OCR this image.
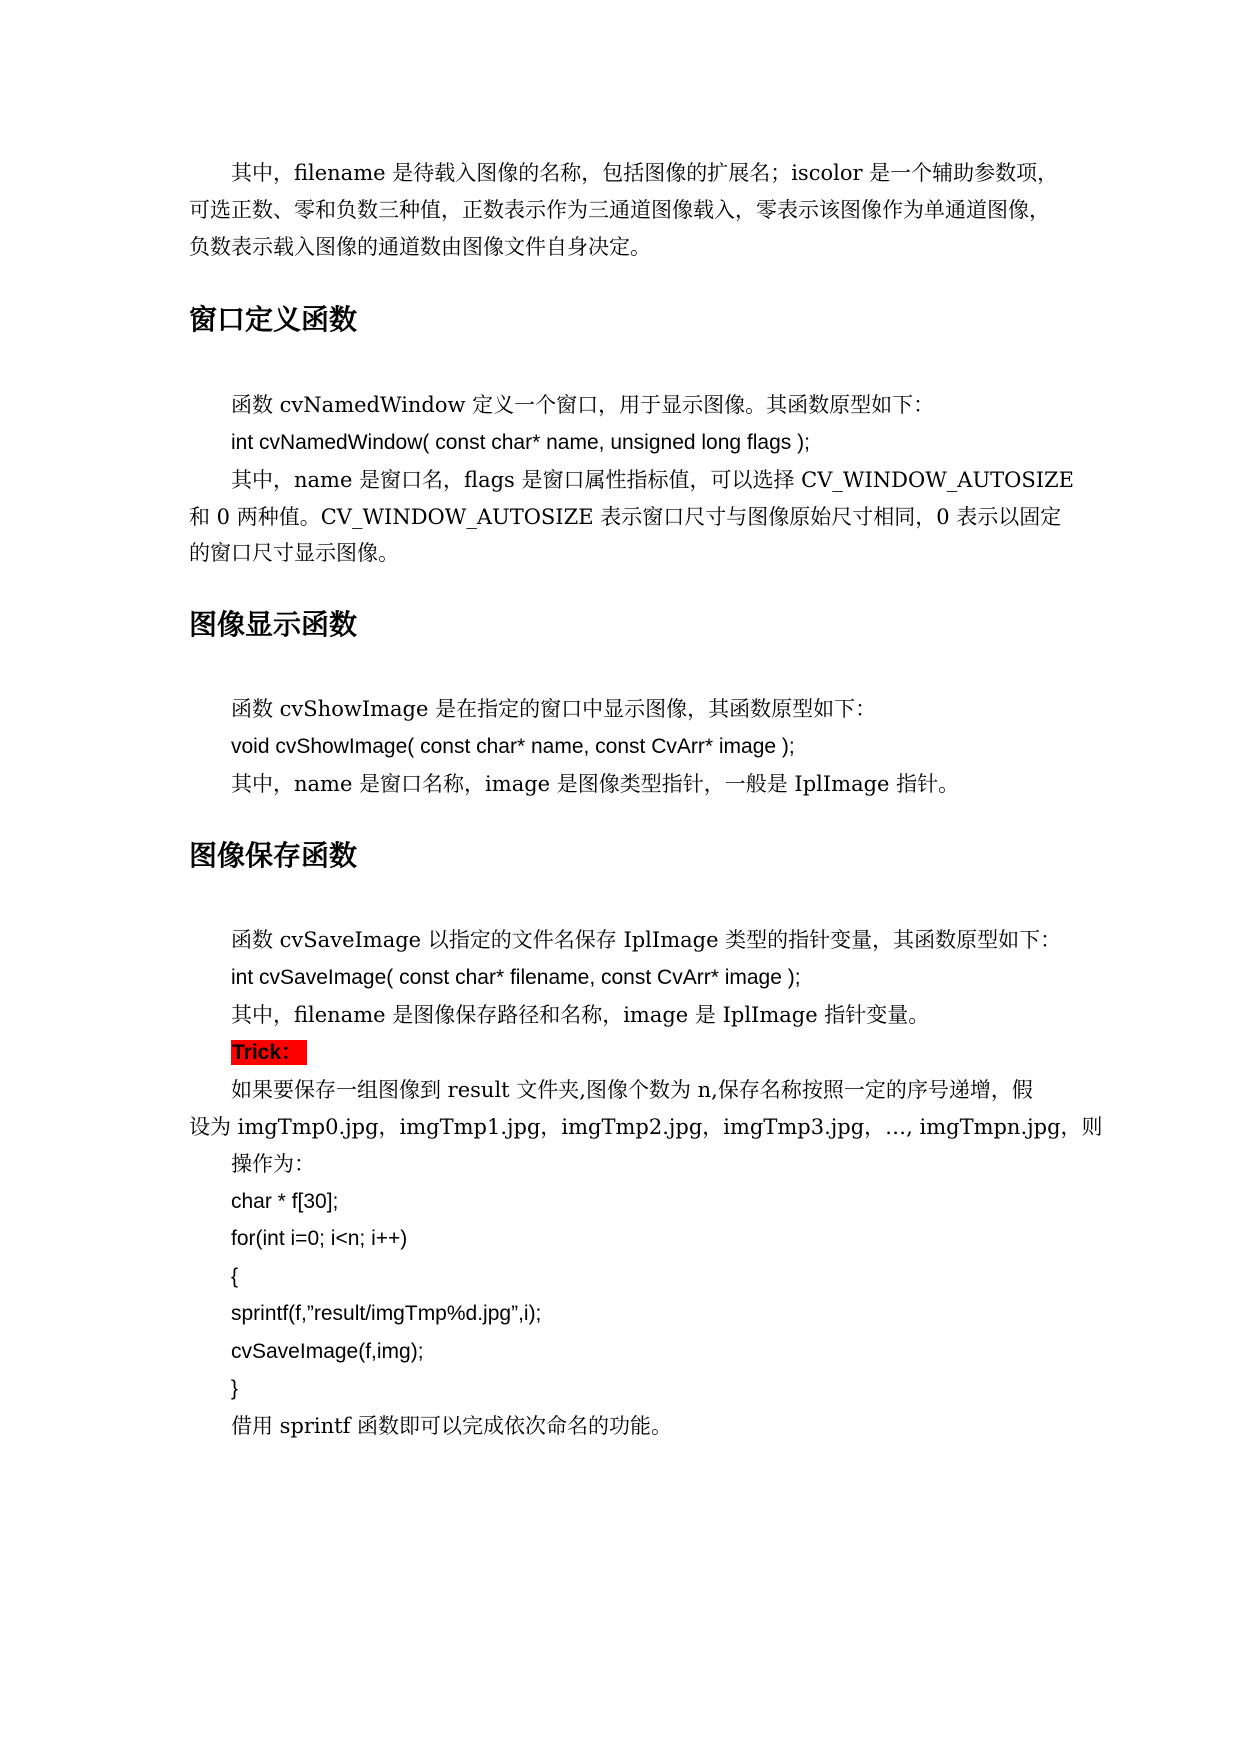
其中，filename 是待载入图像的名称，包括图像的扩展名；iscolor 是一个辅助参数项，
可选正数、零和负数三种值，正数表示作为三通道图像载入，零表示该图像作为单通道图像，
负数表示载入图像的通道数由图像文件自身决定。
窗口定义函数
函数 cvNamedWindow 定义一个窗口，用于显示图像。其函数原型如下：
int cvNamedWindow( const char* name, unsigned long flags );
其中，name 是窗口名，flags 是窗口属性指标值，可以选择 CV_WINDOW_AUTOSIZE
和 0 两种值。CV_WINDOW_AUTOSIZE 表示窗口尺寸与图像原始尺寸相同，0 表示以固定
的窗口尺寸显示图像。
图像显示函数
函数 cvShowImage 是在指定的窗口中显示图像，其函数原型如下：
void cvShowImage( const char* name, const CvArr* image );
其中，name 是窗口名称，image 是图像类型指针，一般是 IplImage 指针。
图像保存函数
函数 cvSaveImage 以指定的文件名保存 IplImage 类型的指针变量，其函数原型如下：
int cvSaveImage( const char* filename, const CvArr* image );
其中，filename 是图像保存路径和名称，image 是 IplImage 指针变量。
Trick：
如果要保存一组图像到 result 文件夹,图像个数为 n,保存名称按照一定的序号递增，假
设为 imgTmp0.jpg，imgTmp1.jpg，imgTmp2.jpg，imgTmp3.jpg，…, imgTmpn.jpg，则
操作为：
char * f[30];
for(int i=0; i<n; i++)
{
sprintf(f,”result/imgTmp%d.jpg”,i);
cvSaveImage(f,img);
}
借用 sprintf 函数即可以完成依次命名的功能。
